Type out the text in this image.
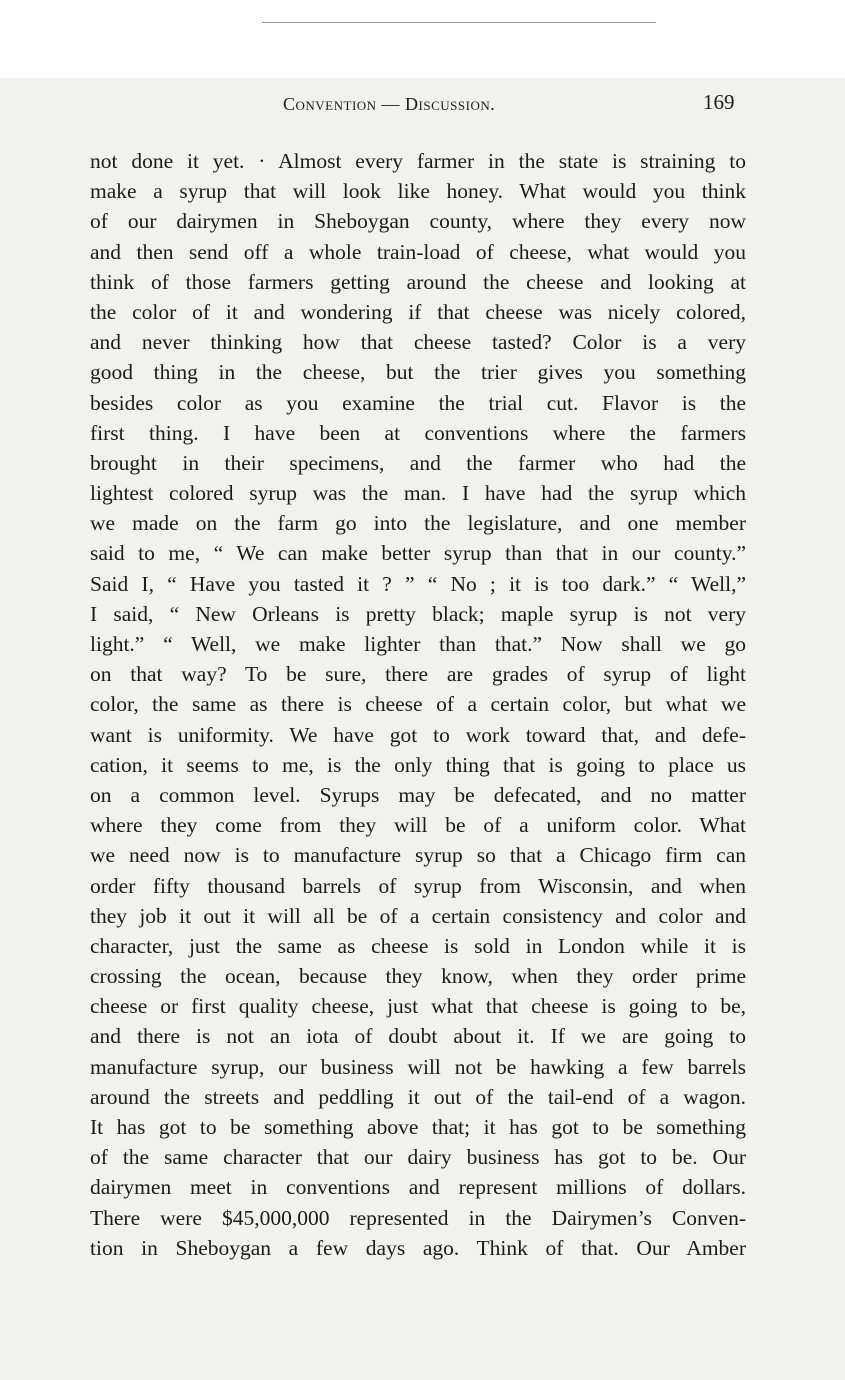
Convention — Discussion.	169
not done it yet. · Almost every farmer in the state is straining to
make a syrup that will look like honey. What would you think
of our dairymen in Sheboygan county, where they every now
and then send off a whole train-load of cheese, what would you
think of those farmers getting around the cheese and looking at
the color of it and wondering if that cheese was nicely colored,
and never thinking how that cheese tasted? Color is a very
good thing in the cheese, but the trier gives you something
besides color as you examine the trial cut. Flavor is the
first thing. I have been at conventions where the farmers
brought in their specimens, and the farmer who had the
lightest colored syrup was the man. I have had the syrup which
we made on the farm go into the legislature, and one member
said to me, “ We can make better syrup than that in our county.”
Said I, “ Have you tasted it ? ” “ No ; it is too dark.” “ Well,”
I said, “ New Orleans is pretty black; maple syrup is not very
light.” “ Well, we make lighter than that.” Now shall we go
on that way? To be sure, there are grades of syrup of light
color, the same as there is cheese of a certain color, but what we
want is uniformity. We have got to work toward that, and defe-
cation, it seems to me, is the only thing that is going to place us
on a common level. Syrups may be defecated, and no matter
where they come from they will be of a uniform color. What
we need now is to manufacture syrup so that a Chicago firm can
order fifty thousand barrels of syrup from Wisconsin, and when
they job it out it will all be of a certain consistency and color and
character, just the same as cheese is sold in London while it is
crossing the ocean, because they know, when they order prime
cheese or first quality cheese, just what that cheese is going to be,
and there is not an iota of doubt about it. If we are going to
manufacture syrup, our business will not be hawking a few barrels
around the streets and peddling it out of the tail-end of a wagon.
It has got to be something above that; it has got to be something
of the same character that our dairy business has got to be. Our
dairymen meet in conventions and represent millions of dollars.
There were $45,000,000 represented in the Dairymen’s Conven-
tion in Sheboygan a few days ago. Think of that. Our Amber
